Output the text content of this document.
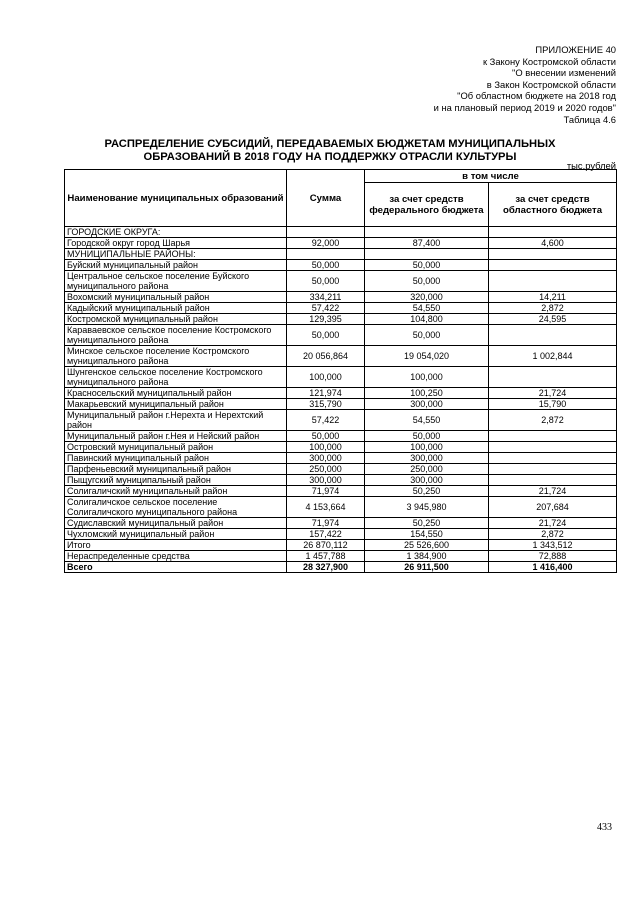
ПРИЛОЖЕНИЕ 40
к Закону Костромской области
"О внесении изменений
в Закон Костромской области
"Об областном бюджете на 2018 год
и на плановый период 2019 и 2020 годов"
Таблица 4.6
РАСПРЕДЕЛЕНИЕ СУБСИДИЙ, ПЕРЕДАВАЕМЫХ БЮДЖЕТАМ МУНИЦИПАЛЬНЫХ ОБРАЗОВАНИЙ В 2018 ГОДУ НА ПОДДЕРЖКУ ОТРАСЛИ КУЛЬТУРЫ
тыс.рублей
Наименование муниципальных образований	Сумма	в том числе	
		за счет средств федерального бюджета	за счет средств областного бюджета
ГОРОДСКИЕ ОКРУГА:			
Городской округ город Шарья	92,000	87,400	4,600
МУНИЦИПАЛЬНЫЕ РАЙОНЫ:			
Буйский муниципальный район	50,000	50,000	
Центральное сельское поселение Буйского муниципального района	50,000	50,000	
Вохомский муниципальный район	334,211	320,000	14,211
Кадыйский муниципальный район	57,422	54,550	2,872
Костромской муниципальный район	129,395	104,800	24,595
Караваевское сельское поселение Костромского муниципального района	50,000	50,000	
Минское сельское поселение Костромского муниципального района	20 056,864	19 054,020	1 002,844
Шунгенское сельское поселение Костромского муниципального района	100,000	100,000	
Красносельский муниципальный район	121,974	100,250	21,724
Макарьевский муниципальный район	315,790	300,000	15,790
Муниципальный район г.Нерехта и Нерехтский район	57,422	54,550	2,872
Муниципальный район г.Нея и Нейский район	50,000	50,000	
Островский муниципальный район	100,000	100,000	
Павинский муниципальный район	300,000	300,000	
Парфеньевский муниципальный район	250,000	250,000	
Пыщугский муниципальный район	300,000	300,000	
Солигаличский муниципальный район	71,974	50,250	21,724
Солигаличское сельское поселение Солигаличского муниципального района	4 153,664	3 945,980	207,684
Судиславский муниципальный район	71,974	50,250	21,724
Чухломский муниципальный район	157,422	154,550	2,872
Итого	26 870,112	25 526,600	1 343,512
Нераспределенные средства	1 457,788	1 384,900	72,888
Всего	28 327,900	26 911,500	1 416,400
433
